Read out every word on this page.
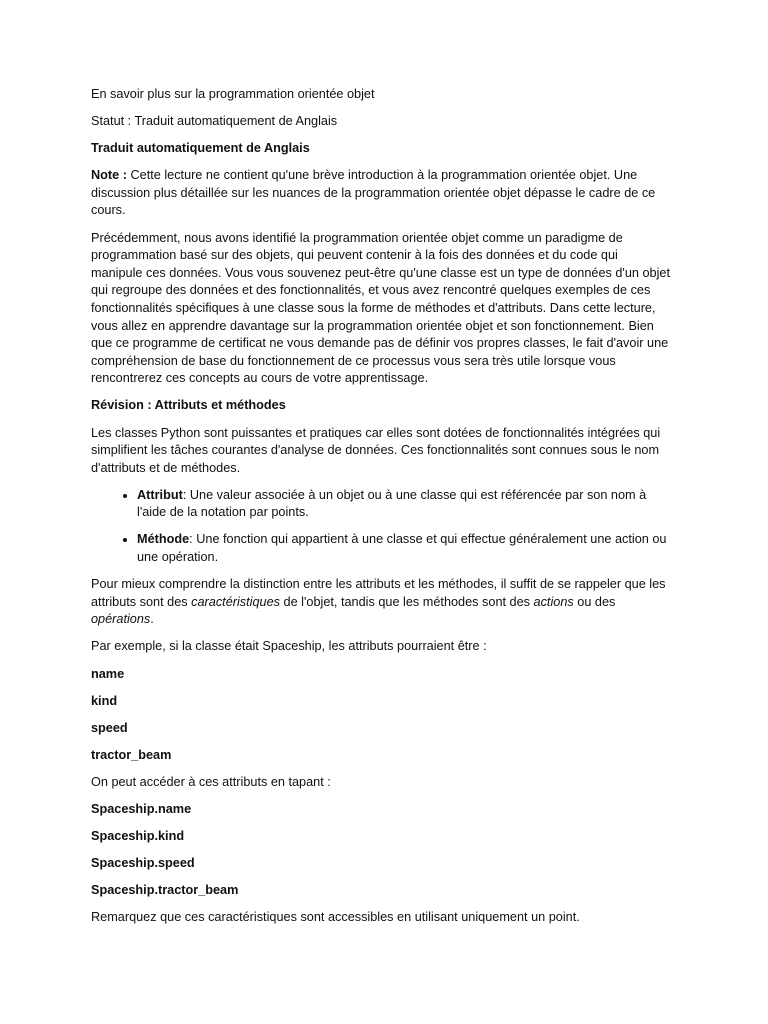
En savoir plus sur la programmation orientée objet

Statut : Traduit automatiquement de Anglais

Traduit automatiquement de Anglais

Note : Cette lecture ne contient qu'une brève introduction à la programmation orientée objet. Une discussion plus détaillée sur les nuances de la programmation orientée objet dépasse le cadre de ce cours.

Précédemment, nous avons identifié la programmation orientée objet comme un paradigme de programmation basé sur des objets, qui peuvent contenir à la fois des données et du code qui manipule ces données. Vous vous souvenez peut-être qu'une classe est un type de données d'un objet qui regroupe des données et des fonctionnalités, et vous avez rencontré quelques exemples de ces fonctionnalités spécifiques à une classe sous la forme de méthodes et d'attributs. Dans cette lecture, vous allez en apprendre davantage sur la programmation orientée objet et son fonctionnement. Bien que ce programme de certificat ne vous demande pas de définir vos propres classes, le fait d'avoir une compréhension de base du fonctionnement de ce processus vous sera très utile lorsque vous rencontrerez ces concepts au cours de votre apprentissage.

Révision : Attributs et méthodes

Les classes Python sont puissantes et pratiques car elles sont dotées de fonctionnalités intégrées qui simplifient les tâches courantes d'analyse de données. Ces fonctionnalités sont connues sous le nom d'attributs et de méthodes.

• Attribut: Une valeur associée à un objet ou à une classe qui est référencée par son nom à l'aide de la notation par points.
• Méthode: Une fonction qui appartient à une classe et qui effectue généralement une action ou une opération.

Pour mieux comprendre la distinction entre les attributs et les méthodes, il suffit de se rappeler que les attributs sont des caractéristiques de l'objet, tandis que les méthodes sont des actions ou des opérations.

Par exemple, si la classe était Spaceship, les attributs pourraient être :

name

kind

speed

tractor_beam

On peut accéder à ces attributs en tapant :

Spaceship.name

Spaceship.kind

Spaceship.speed

Spaceship.tractor_beam

Remarquez que ces caractéristiques sont accessibles en utilisant uniquement un point.
